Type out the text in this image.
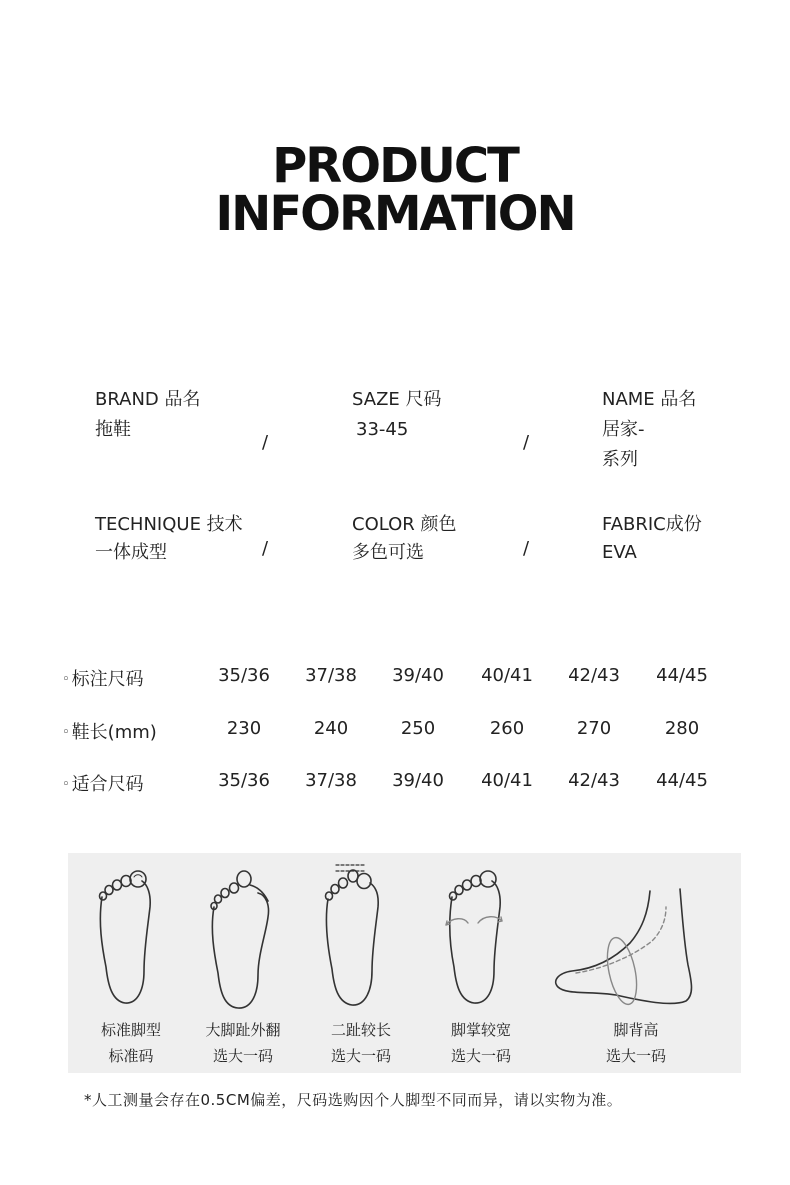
PRODUCT
INFORMATION
BRAND 品名
拖鞋
/
SAZE 尺码
33-45
/
NAME 品名
居家-
系列
TECHNIQUE 技术
一体成型	/
COLOR 颜色
多色可选	/
FABRIC成份
EVA
◦ 标注尺码	35/36	37/38	39/40	40/41	42/43	44/45
◦ 鞋长(mm)	230	240	250	260	270	280
◦ 适合尺码	35/36	37/38	39/40	40/41	42/43	44/45
标准脚型
标准码
大脚趾外翻
选大一码
二趾较长
选大一码
脚掌较宽
选大一码
脚背高
选大一码
*人工测量会存在0.5CM偏差，尺码选购因个人脚型不同而异，请以实物为准。
